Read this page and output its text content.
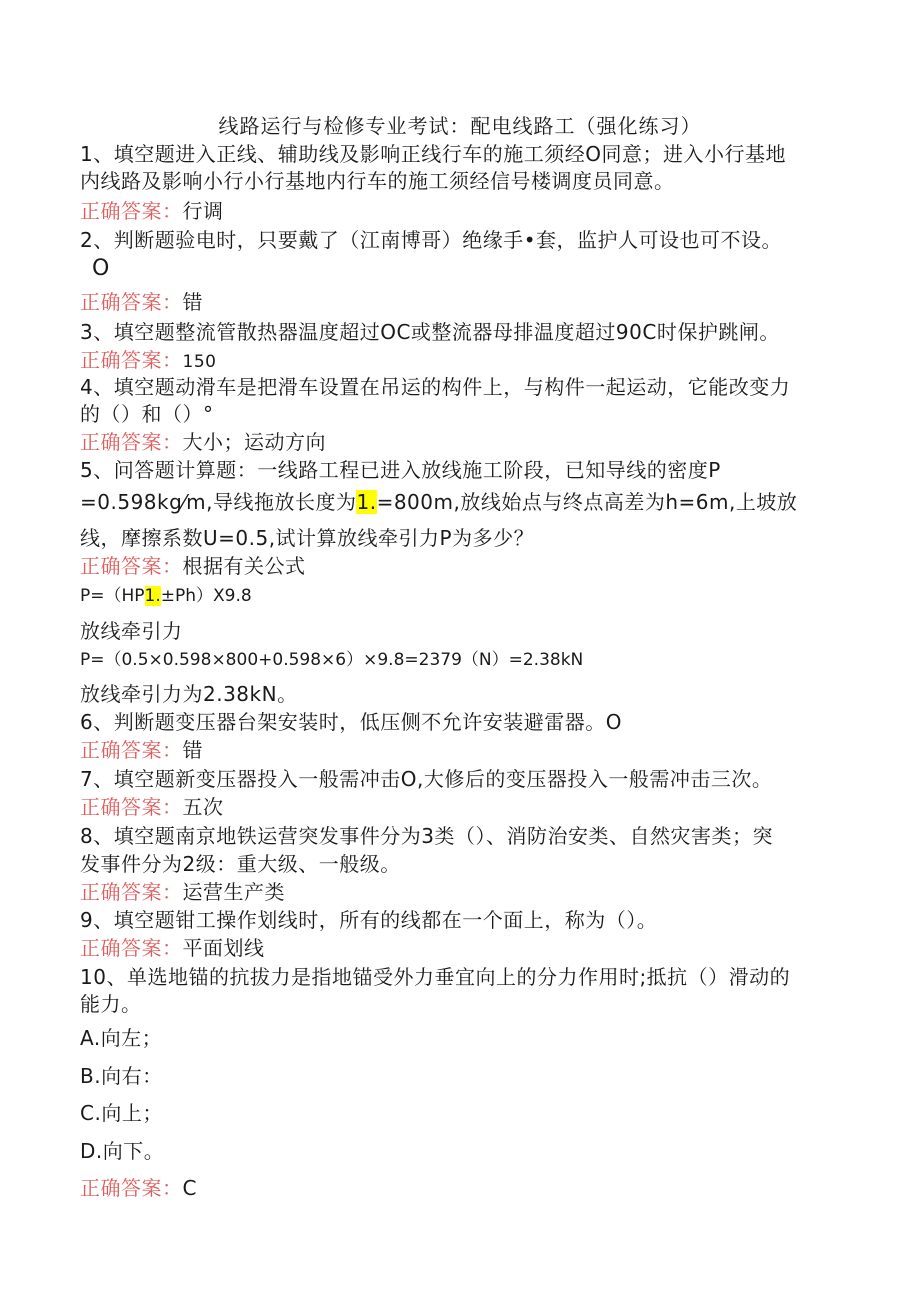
线路运行与检修专业考试：配电线路工（强化练习）
1、填空题进入正线、辅助线及影响正线行车的施工须经O同意；进入小行基地
内线路及影响小行小行基地内行车的施工须经信号楼调度员同意。
正确答案：行调
2、判断题验电时，只要戴了（江南博哥）绝缘手•套，监护人可设也可不设。
O
正确答案：错
3、填空题整流管散热器温度超过OC或整流器母排温度超过90C时保护跳闸。
正确答案：150
4、填空题动滑车是把滑车设置在吊运的构件上，与构件一起运动，它能改变力
的（）和（）°
正确答案：大小；运动方向
5、问答题计算题：一线路工程已进入放线施工阶段，已知导线的密度P
=0.598kg⁄m,导线拖放长度为1.=800m,放线始点与终点高差为h=6m,上坡放
线，摩擦系数U=0.5,试计算放线牵引力P为多少？
正确答案：根据有关公式
P=（HP1.±Ph）X9.8
放线牵引力
P=（0.5×0.598×800+0.598×6）×9.8=2379（N）=2.38kN
放线牵引力为2.38kN。
6、判断题变压器台架安装时，低压侧不允许安装避雷器。O
正确答案：错
7、填空题新变压器投入一般需冲击O,大修后的变压器投入一般需冲击三次。
正确答案：五次
8、填空题南京地铁运营突发事件分为3类（）、消防治安类、自然灾害类；突
发事件分为2级：重大级、一般级。
正确答案：运营生产类
9、填空题钳工操作划线时，所有的线都在一个面上，称为（）。
正确答案：平面划线
10、单选地锚的抗拔力是指地锚受外力垂宜向上的分力作用时;抵抗（）滑动的
能力。
A.向左；
B.向右：
C.向上；
D.向下。
正确答案：C
